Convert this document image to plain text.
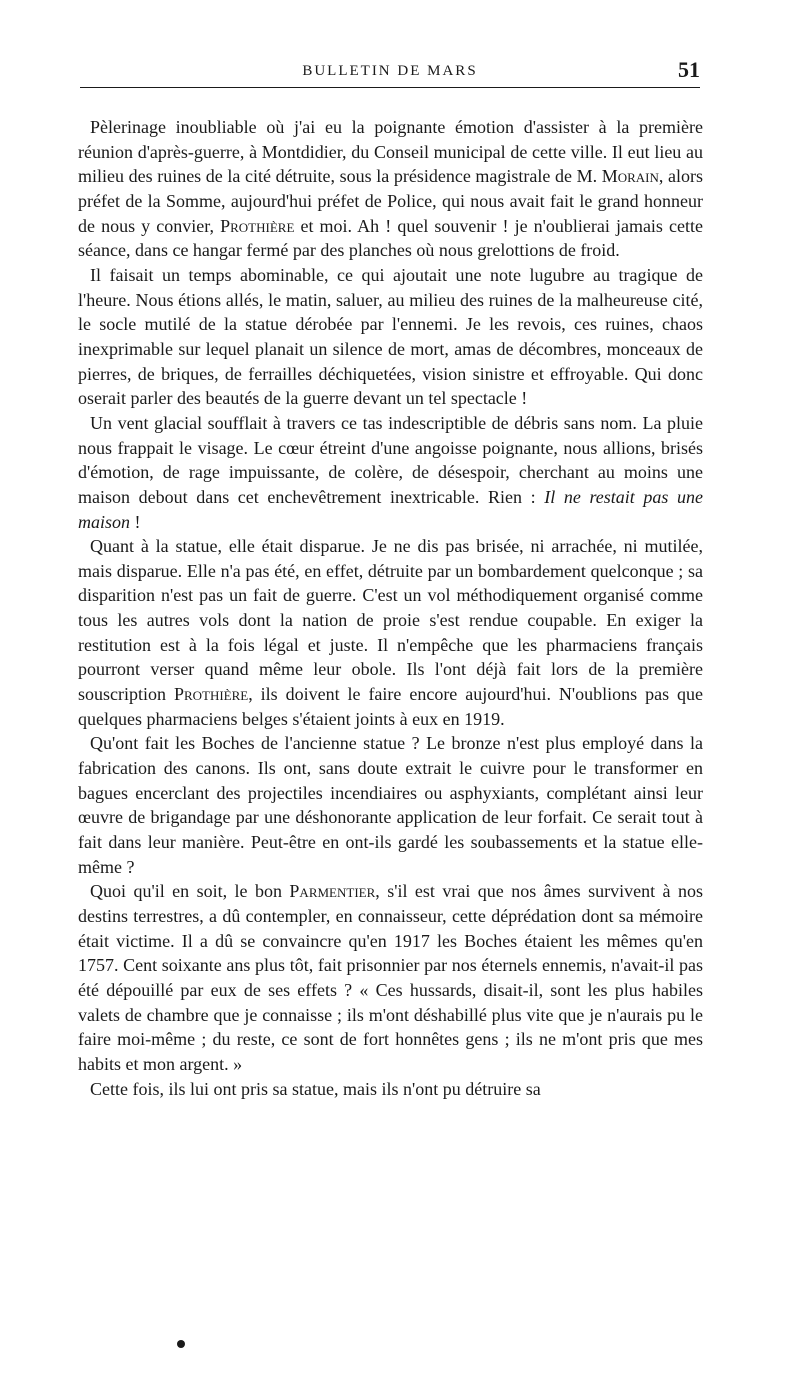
BULLETIN DE MARS	51

Pèlerinage inoubliable où j'ai eu la poignante émotion d'assister à la première réunion d'après-guerre, à Montdidier, du Conseil municipal de cette ville. Il eut lieu au milieu des ruines de la cité détruite, sous la présidence magistrale de M. Morain, alors préfet de la Somme, aujourd'hui préfet de Police, qui nous avait fait le grand honneur de nous y convier, Prothière et moi. Ah ! quel souvenir ! je n'oublierai jamais cette séance, dans ce hangar fermé par des planches où nous grelottions de froid.

Il faisait un temps abominable, ce qui ajoutait une note lugubre au tragique de l'heure. Nous étions allés, le matin, saluer, au milieu des ruines de la malheureuse cité, le socle mutilé de la statue dérobée par l'ennemi. Je les revois, ces ruines, chaos inexprimable sur lequel planait un silence de mort, amas de décombres, monceaux de pierres, de briques, de ferrailles déchiquetées, vision sinistre et effroyable. Qui donc oserait parler des beautés de la guerre devant un tel spectacle !

Un vent glacial soufflait à travers ce tas indescriptible de débris sans nom. La pluie nous frappait le visage. Le cœur étreint d'une angoisse poignante, nous allions, brisés d'émotion, de rage impuissante, de colère, de désespoir, cherchant au moins une maison debout dans cet enchevêtrement inextricable. Rien : Il ne restait pas une maison !

Quant à la statue, elle était disparue. Je ne dis pas brisée, ni arrachée, ni mutilée, mais disparue. Elle n'a pas été, en effet, détruite par un bombardement quelconque ; sa disparition n'est pas un fait de guerre. C'est un vol méthodiquement organisé comme tous les autres vols dont la nation de proie s'est rendue coupable. En exiger la restitution est à la fois légal et juste. Il n'empêche que les pharmaciens français pourront verser quand même leur obole. Ils l'ont déjà fait lors de la première souscription Prothière, ils doivent le faire encore aujourd'hui. N'oublions pas que quelques pharmaciens belges s'étaient joints à eux en 1919.

Qu'ont fait les Boches de l'ancienne statue ? Le bronze n'est plus employé dans la fabrication des canons. Ils ont, sans doute extrait le cuivre pour le transformer en bagues encerclant des projectiles incendiaires ou asphyxiants, complétant ainsi leur œuvre de brigandage par une déshonorante application de leur forfait. Ce serait tout à fait dans leur manière. Peut-être en ont-ils gardé les soubassements et la statue elle-même ?

Quoi qu'il en soit, le bon Parmentier, s'il est vrai que nos âmes survivent à nos destins terrestres, a dû contempler, en connaisseur, cette déprédation dont sa mémoire était victime. Il a dû se convaincre qu'en 1917 les Boches étaient les mêmes qu'en 1757. Cent soixante ans plus tôt, fait prisonnier par nos éternels ennemis, n'avait-il pas été dépouillé par eux de ses effets ? « Ces hussards, disait-il, sont les plus habiles valets de chambre que je connaisse ; ils m'ont déshabillé plus vite que je n'aurais pu le faire moi-même ; du reste, ce sont de fort honnêtes gens ; ils ne m'ont pris que mes habits et mon argent. »

Cette fois, ils lui ont pris sa statue, mais ils n'ont pu détruire sa
